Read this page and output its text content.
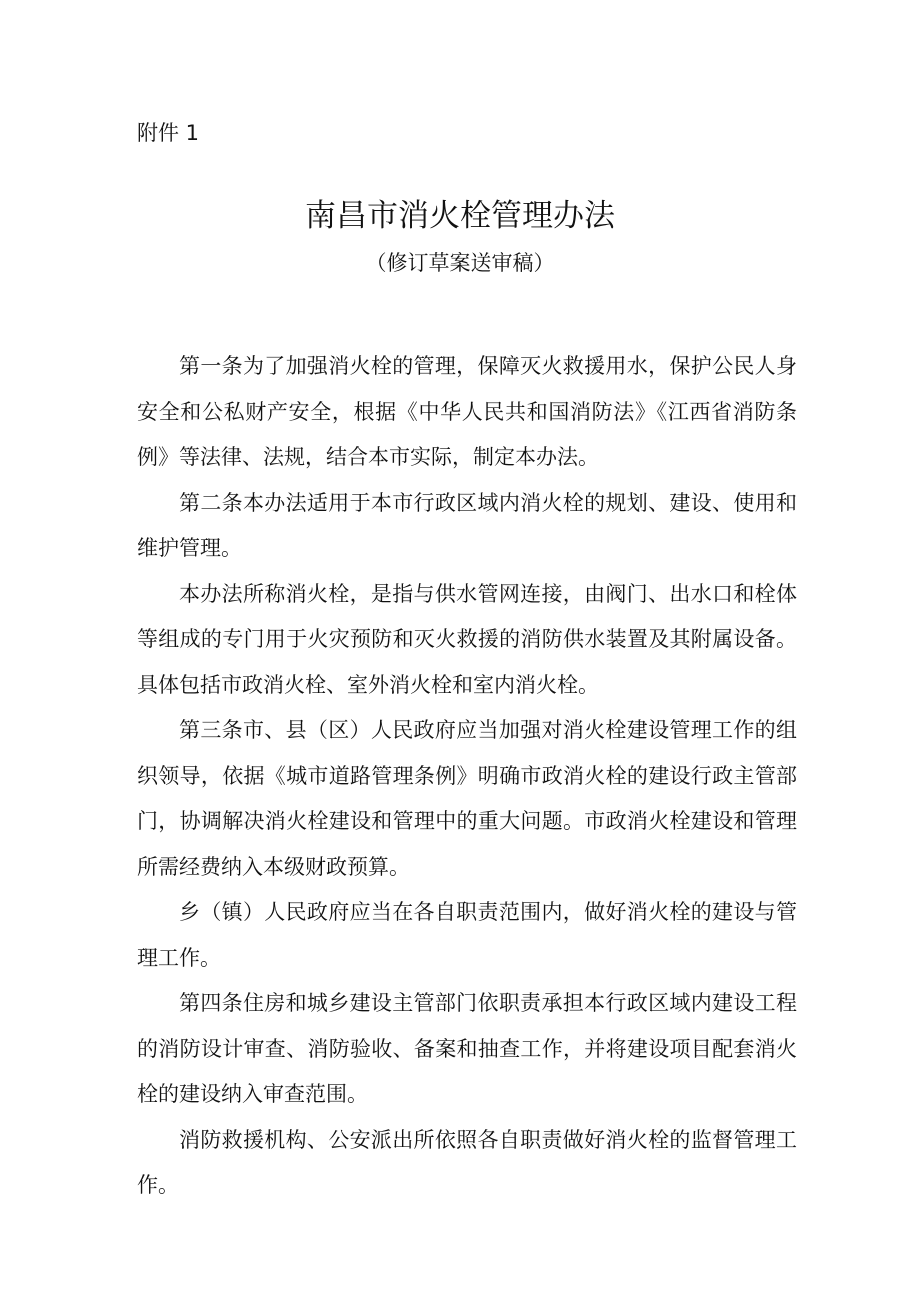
附件 1
南昌市消火栓管理办法
（修订草案送审稿）

第一条为了加强消火栓的管理，保障灭火救援用水，保护公民人身安全和公私财产安全，根据《中华人民共和国消防法》《江西省消防条例》等法律、法规，结合本市实际，制定本办法。

第二条本办法适用于本市行政区域内消火栓的规划、建设、使用和维护管理。

本办法所称消火栓，是指与供水管网连接，由阀门、出水口和栓体等组成的专门用于火灾预防和灭火救援的消防供水装置及其附属设备。具体包括市政消火栓、室外消火栓和室内消火栓。

第三条市、县（区）人民政府应当加强对消火栓建设管理工作的组织领导，依据《城市道路管理条例》明确市政消火栓的建设行政主管部门，协调解决消火栓建设和管理中的重大问题。市政消火栓建设和管理所需经费纳入本级财政预算。

乡（镇）人民政府应当在各自职责范围内，做好消火栓的建设与管理工作。

第四条住房和城乡建设主管部门依职责承担本行政区域内建设工程的消防设计审查、消防验收、备案和抽查工作，并将建设项目配套消火栓的建设纳入审查范围。

消防救援机构、公安派出所依照各自职责做好消火栓的监督管理工作。
